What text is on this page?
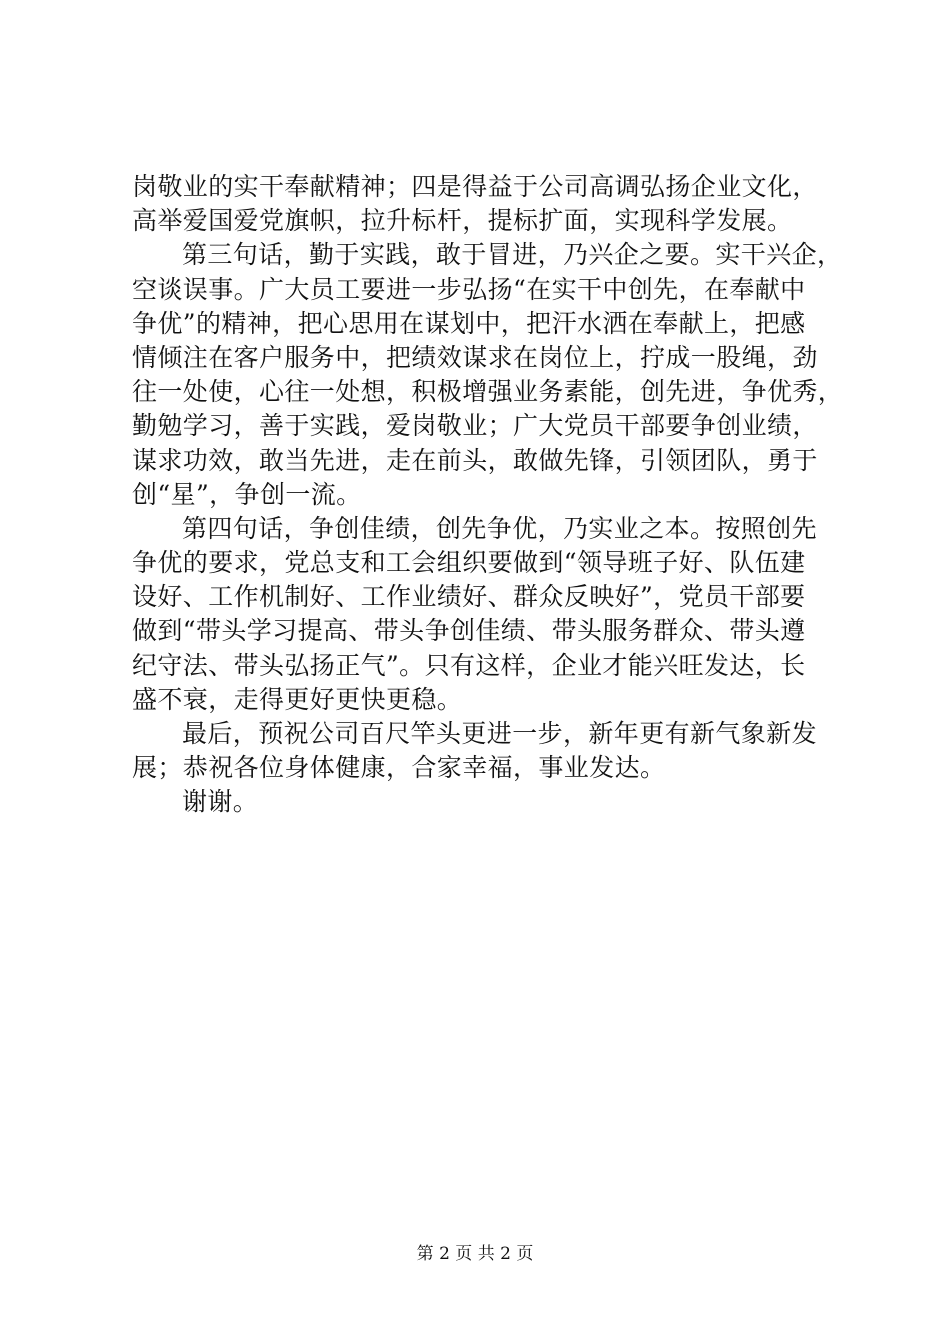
岗敬业的实干奉献精神；四是得益于公司高调弘扬企业文化，
高举爱国爱党旗帜，拉升标杆，提标扩面，实现科学发展。
第三句话，勤于实践，敢于冒进，乃兴企之要。实干兴企，
空谈误事。广大员工要进一步弘扬“在实干中创先，在奉献中
争优”的精神，把心思用在谋划中，把汗水洒在奉献上，把感
情倾注在客户服务中，把绩效谋求在岗位上，拧成一股绳，劲
往一处使，心往一处想，积极增强业务素能，创先进，争优秀，
勤勉学习，善于实践，爱岗敬业；广大党员干部要争创业绩，
谋求功效，敢当先进，走在前头，敢做先锋，引领团队，勇于
创“星”，争创一流。
第四句话，争创佳绩，创先争优，乃实业之本。按照创先
争优的要求，党总支和工会组织要做到“领导班子好、队伍建
设好、工作机制好、工作业绩好、群众反映好”，党员干部要
做到“带头学习提高、带头争创佳绩、带头服务群众、带头遵
纪守法、带头弘扬正气”。只有这样，企业才能兴旺发达，长
盛不衰，走得更好更快更稳。
最后，预祝公司百尺竿头更进一步，新年更有新气象新发
展；恭祝各位身体健康，合家幸福，事业发达。
谢谢。
第 2 页 共 2 页
